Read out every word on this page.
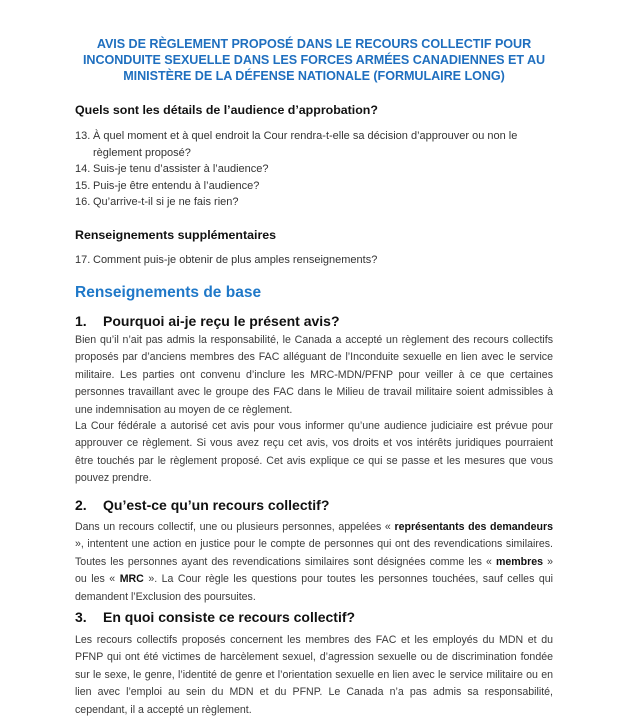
AVIS DE RÈGLEMENT PROPOSÉ DANS LE RECOURS COLLECTIF POUR
INCONDUITE SEXUELLE DANS LES FORCES ARMÉES CANADIENNES ET AU
MINISTÈRE DE LA DÉFENSE NATIONALE (FORMULAIRE LONG)
Quels sont les détails de l’audience d’approbation?
13. À quel moment et à quel endroit la Cour rendra-t-elle sa décision d’approuver ou non le règlement proposé?
14. Suis-je tenu d’assister à l’audience?
15. Puis-je être entendu à l’audience?
16. Qu’arrive-t-il si je ne fais rien?
Renseignements supplémentaires
17. Comment puis-je obtenir de plus amples renseignements?
Renseignements de base
1. Pourquoi ai-je reçu le présent avis?

Bien qu’il n’ait pas admis la responsabilité, le Canada a accepté un règlement des recours collectifs proposés par d’anciens membres des FAC alléguant de l’Inconduite sexuelle en lien avec le service militaire. Les parties ont convenu d’inclure les MRC-MDN/PFNP pour veiller à ce que certaines personnes travaillant avec le groupe des FAC dans le Milieu de travail militaire soient admissibles à une indemnisation au moyen de ce règlement.

La Cour fédérale a autorisé cet avis pour vous informer qu’une audience judiciaire est prévue pour approuver ce règlement. Si vous avez reçu cet avis, vos droits et vos intérêts juridiques pourraient être touchés par le règlement proposé. Cet avis explique ce qui se passe et les mesures que vous pouvez prendre.

2. Qu’est-ce qu’un recours collectif?

Dans un recours collectif, une ou plusieurs personnes, appelées « représentants des demandeurs », intentent une action en justice pour le compte de personnes qui ont des revendications similaires. Toutes les personnes ayant des revendications similaires sont désignées comme les « membres » ou les « MRC ». La Cour règle les questions pour toutes les personnes touchées, sauf celles qui demandent l’Exclusion des poursuites.

3. En quoi consiste ce recours collectif?

Les recours collectifs proposés concernent les membres des FAC et les employés du MDN et du PFNP qui ont été victimes de harcèlement sexuel, d’agression sexuelle ou de discrimination fondée sur le sexe, le genre, l’identité de genre et l’orientation sexuelle en lien avec le service militaire ou en lien avec l’emploi au sein du MDN et du PFNP. Le Canada n’a pas admis sa responsabilité, cependant, il a accepté un règlement.
